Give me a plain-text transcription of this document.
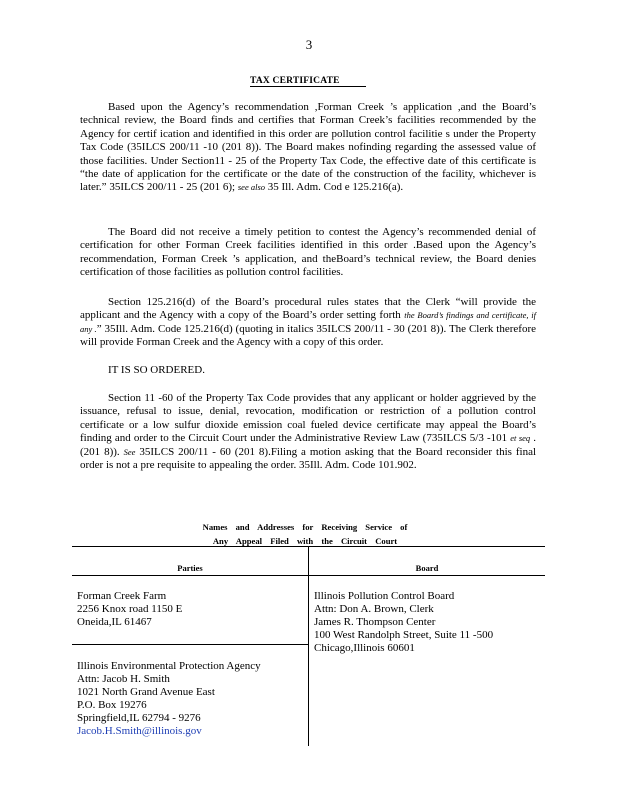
3
TAX CERTIFICATE
Based upon the Agency’s recommendation ,Forman Creek ’s application ,and the Board’s technical review, the Board finds and certifies that Forman Creek’s facilities recommended by the Agency for certif ication and identified in this order are pollution control facilitie s under the Property Tax Code (35ILCS 200/11 -10 (201 8)). The Board makes nofinding regarding the assessed value of those facilities. Under Section11 - 25 of the Property Tax Code, the effective date of this certificate is “the date of application for the certificate or the date of the construction of the facility, whichever is later.” 35ILCS 200/11 - 25 (201 6); see also 35 Ill. Adm. Cod e 125.216(a).
The Board did not receive a timely petition to contest the Agency’s recommended denial of certification for other Forman Creek facilities identified in this order .Based upon the Agency’s recommendation, Forman Creek ’s application, and theBoard’s technical review, the Board denies certification of those facilities as pollution control facilities.
Section 125.216(d) of the Board’s procedural rules states that the Clerk “will provide the applicant and the Agency with a copy of the Board’s order setting forth the Board’s findings and certificate, if any .” 35Ill. Adm. Code 125.216(d) (quoting in italics 35ILCS 200/11 - 30 (201 8)). The Clerk therefore will provide Forman Creek and the Agency with a copy of this order.
IT IS SO ORDERED.
Section 11 -60 of the Property Tax Code provides that any applicant or holder aggrieved by the issuance, refusal to issue, denial, revocation, modification or restriction of a pollution control certificate or a low sulfur dioxide emission coal fueled device certificate may appeal the Board’s finding and order to the Circuit Court under the Administrative Review Law (735ILCS 5/3 -101 et seq . (201 8)). See 35ILCS 200/11 - 60 (201 8).Filing a motion asking that the Board reconsider this final order is not a pre requisite to appealing the order. 35Ill. Adm. Code 101.902.
Names and Addresses for Receiving Service of
Any Appeal Filed with the Circuit Court
Parties	Board
Forman Creek Farm
2256 Knox road 1150 E
Oneida,IL 61467
Illinois Environmental Protection Agency
Attn: Jacob H. Smith
1021 North Grand Avenue East
P.O. Box 19276
Springfield,IL 62794 - 9276
Jacob.H.Smith@illinois.gov
Illinois Pollution Control Board
Attn: Don A. Brown, Clerk
James R. Thompson Center
100 West Randolph Street, Suite 11 -500
Chicago,Illinois 60601
